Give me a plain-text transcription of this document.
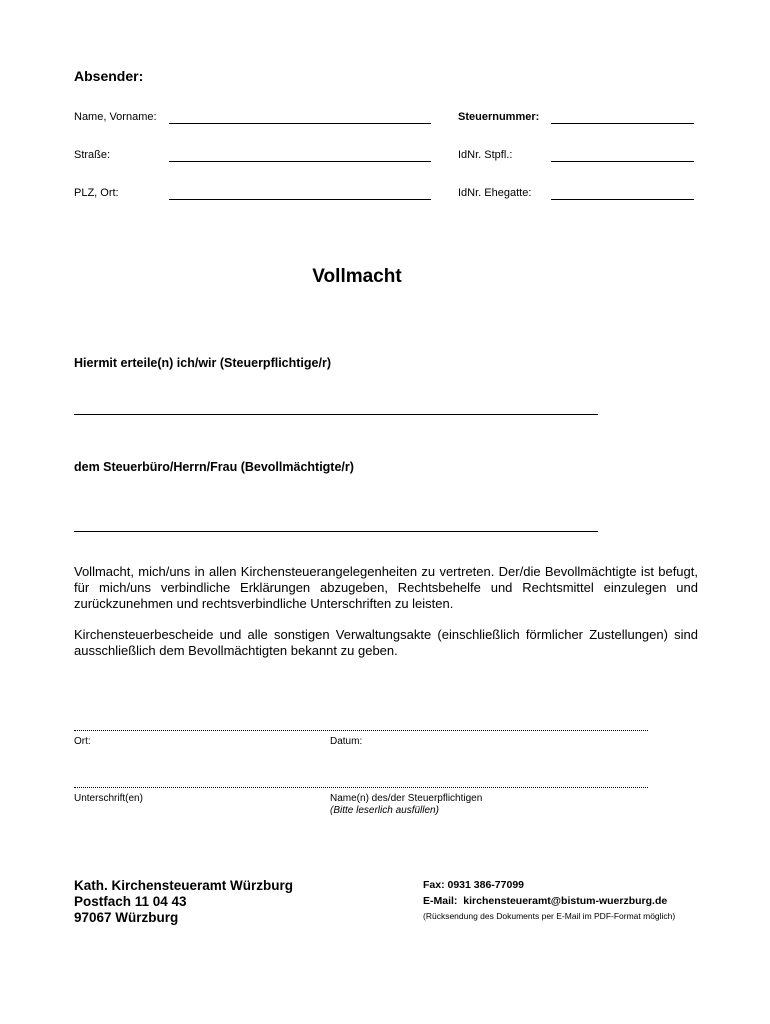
Absender:
Name, Vorname:
Straße:
PLZ, Ort:
Steuernummer:
IdNr. Stpfl.:
IdNr. Ehegatte:
Vollmacht
Hiermit erteile(n) ich/wir (Steuerpflichtige/r)
dem Steuerbüro/Herrn/Frau (Bevollmächtigte/r)
Vollmacht, mich/uns in allen Kirchensteuerangelegenheiten zu vertreten. Der/die Bevollmächtigte ist befugt, für mich/uns verbindliche Erklärungen abzugeben, Rechtsbehelfe und Rechtsmittel einzulegen und zurückzunehmen und rechtsverbindliche Unterschriften zu leisten.
Kirchensteuerbescheide und alle sonstigen Verwaltungsakte (einschließlich förmlicher Zustellungen) sind ausschließlich dem Bevollmächtigten bekannt zu geben.
Ort:	Datum:
Unterschrift(en)	Name(n) des/der Steuerpflichtigen
(Bitte leserlich ausfüllen)
Kath. Kirchensteueramt Würzburg
Postfach 11 04 43
97067 Würzburg
Fax: 0931 386-77099
E-Mail: kirchensteueramt@bistum-wuerzburg.de
(Rücksendung des Dokuments per E-Mail im PDF-Format möglich)
